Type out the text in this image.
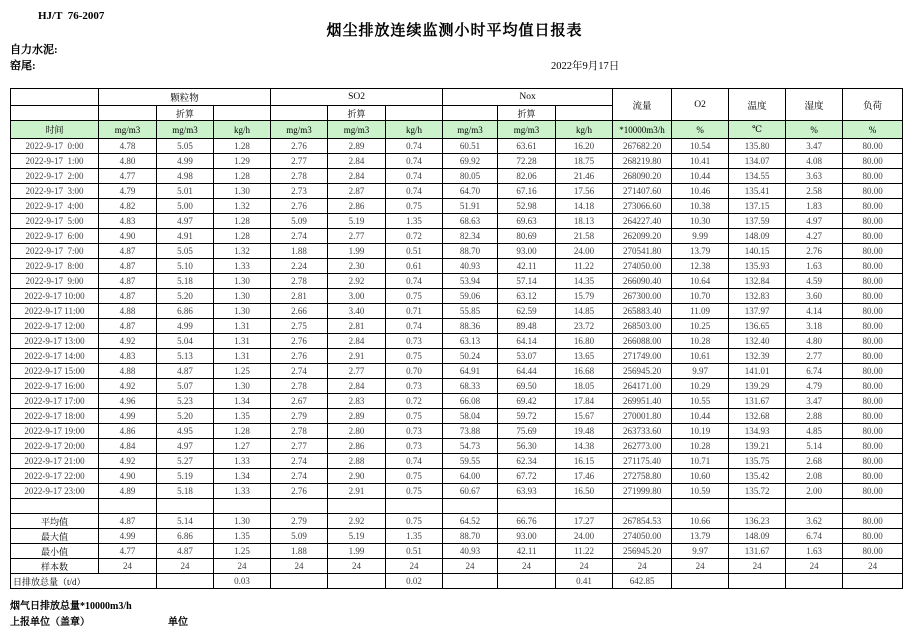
HJ/T  76-2007
烟尘排放连续监测小时平均值日报表
自力水泥:
窑尾:	2022年9月17日
	颗粒物			SO2			Nox			流量	O2	温度	湿度	负荷
		折算			折算			折算						
时间	mg/m3	mg/m3	kg/h	mg/m3	mg/m3	kg/h	mg/m3	mg/m3	kg/h	*10000m3/h	%	℃	%	%
2022-9-17  0:00	4.78	5.05	1.28	2.76	2.89	0.74	60.51	63.61	16.20	267682.20	10.54	135.80	3.47	80.00
2022-9-17  1:00	4.80	4.99	1.29	2.77	2.84	0.74	69.92	72.28	18.75	268219.80	10.41	134.07	4.08	80.00
2022-9-17  2:00	4.77	4.98	1.28	2.78	2.84	0.74	80.05	82.06	21.46	268090.20	10.44	134.55	3.63	80.00
2022-9-17  3:00	4.79	5.01	1.30	2.73	2.87	0.74	64.70	67.16	17.56	271407.60	10.46	135.41	2.58	80.00
2022-9-17  4:00	4.82	5.00	1.32	2.76	2.86	0.75	51.91	52.98	14.18	273066.60	10.38	137.15	1.83	80.00
2022-9-17  5:00	4.83	4.97	1.28	5.09	5.19	1.35	68.63	69.63	18.13	264227.40	10.30	137.59	4.97	80.00
2022-9-17  6:00	4.90	4.91	1.28	2.74	2.77	0.72	82.34	80.69	21.58	262099.20	9.99	148.09	4.27	80.00
2022-9-17  7:00	4.87	5.05	1.32	1.88	1.99	0.51	88.70	93.00	24.00	270541.80	13.79	140.15	2.76	80.00
2022-9-17  8:00	4.87	5.10	1.33	2.24	2.30	0.61	40.93	42.11	11.22	274050.00	12.38	135.93	1.63	80.00
2022-9-17  9:00	4.87	5.18	1.30	2.78	2.92	0.74	53.94	57.14	14.35	266090.40	10.64	132.84	4.59	80.00
2022-9-17 10:00	4.87	5.20	1.30	2.81	3.00	0.75	59.06	63.12	15.79	267300.00	10.70	132.83	3.60	80.00
2022-9-17 11:00	4.88	6.86	1.30	2.66	3.40	0.71	55.85	62.59	14.85	265883.40	11.09	137.97	4.14	80.00
2022-9-17 12:00	4.87	4.99	1.31	2.75	2.81	0.74	88.36	89.48	23.72	268503.00	10.25	136.65	3.18	80.00
2022-9-17 13:00	4.92	5.04	1.31	2.76	2.84	0.73	63.13	64.14	16.80	266088.00	10.28	132.40	4.80	80.00
2022-9-17 14:00	4.83	5.13	1.31	2.76	2.91	0.75	50.24	53.07	13.65	271749.00	10.61	132.39	2.77	80.00
2022-9-17 15:00	4.88	4.87	1.25	2.74	2.77	0.70	64.91	64.44	16.68	256945.20	9.97	141.01	6.74	80.00
2022-9-17 16:00	4.92	5.07	1.30	2.78	2.84	0.73	68.33	69.50	18.05	264171.00	10.29	139.29	4.79	80.00
2022-9-17 17:00	4.96	5.23	1.34	2.67	2.83	0.72	66.08	69.42	17.84	269951.40	10.55	131.67	3.47	80.00
2022-9-17 18:00	4.99	5.20	1.35	2.79	2.89	0.75	58.04	59.72	15.67	270001.80	10.44	132.68	2.88	80.00
2022-9-17 19:00	4.86	4.95	1.28	2.78	2.80	0.73	73.88	75.69	19.48	263733.60	10.19	134.93	4.85	80.00
2022-9-17 20:00	4.84	4.97	1.27	2.77	2.86	0.73	54.73	56.30	14.38	262773.00	10.28	139.21	5.14	80.00
2022-9-17 21:00	4.92	5.27	1.33	2.74	2.88	0.74	59.55	62.34	16.15	271175.40	10.71	135.75	2.68	80.00
2022-9-17 22:00	4.90	5.19	1.34	2.74	2.90	0.75	64.00	67.72	17.46	272758.80	10.60	135.42	2.08	80.00
2022-9-17 23:00	4.89	5.18	1.33	2.76	2.91	0.75	60.67	63.93	16.50	271999.80	10.59	135.72	2.00	80.00

平均值	4.87	5.14	1.30	2.79	2.92	0.75	64.52	66.76	17.27	267854.53	10.66	136.23	3.62	80.00
最大值	4.99	6.86	1.35	5.09	5.19	1.35	88.70	93.00	24.00	274050.00	13.79	148.09	6.74	80.00
最小值	4.77	4.87	1.25	1.88	1.99	0.51	40.93	42.11	11.22	256945.20	9.97	131.67	1.63	80.00
样本数	24	24	24	24	24	24	24	24	24	24	24	24	24	24
日排放总量（t/d）			0.03			0.02			0.41	642.85				
烟气日排放总量*10000m3/h
上报单位（盖章）	单位
